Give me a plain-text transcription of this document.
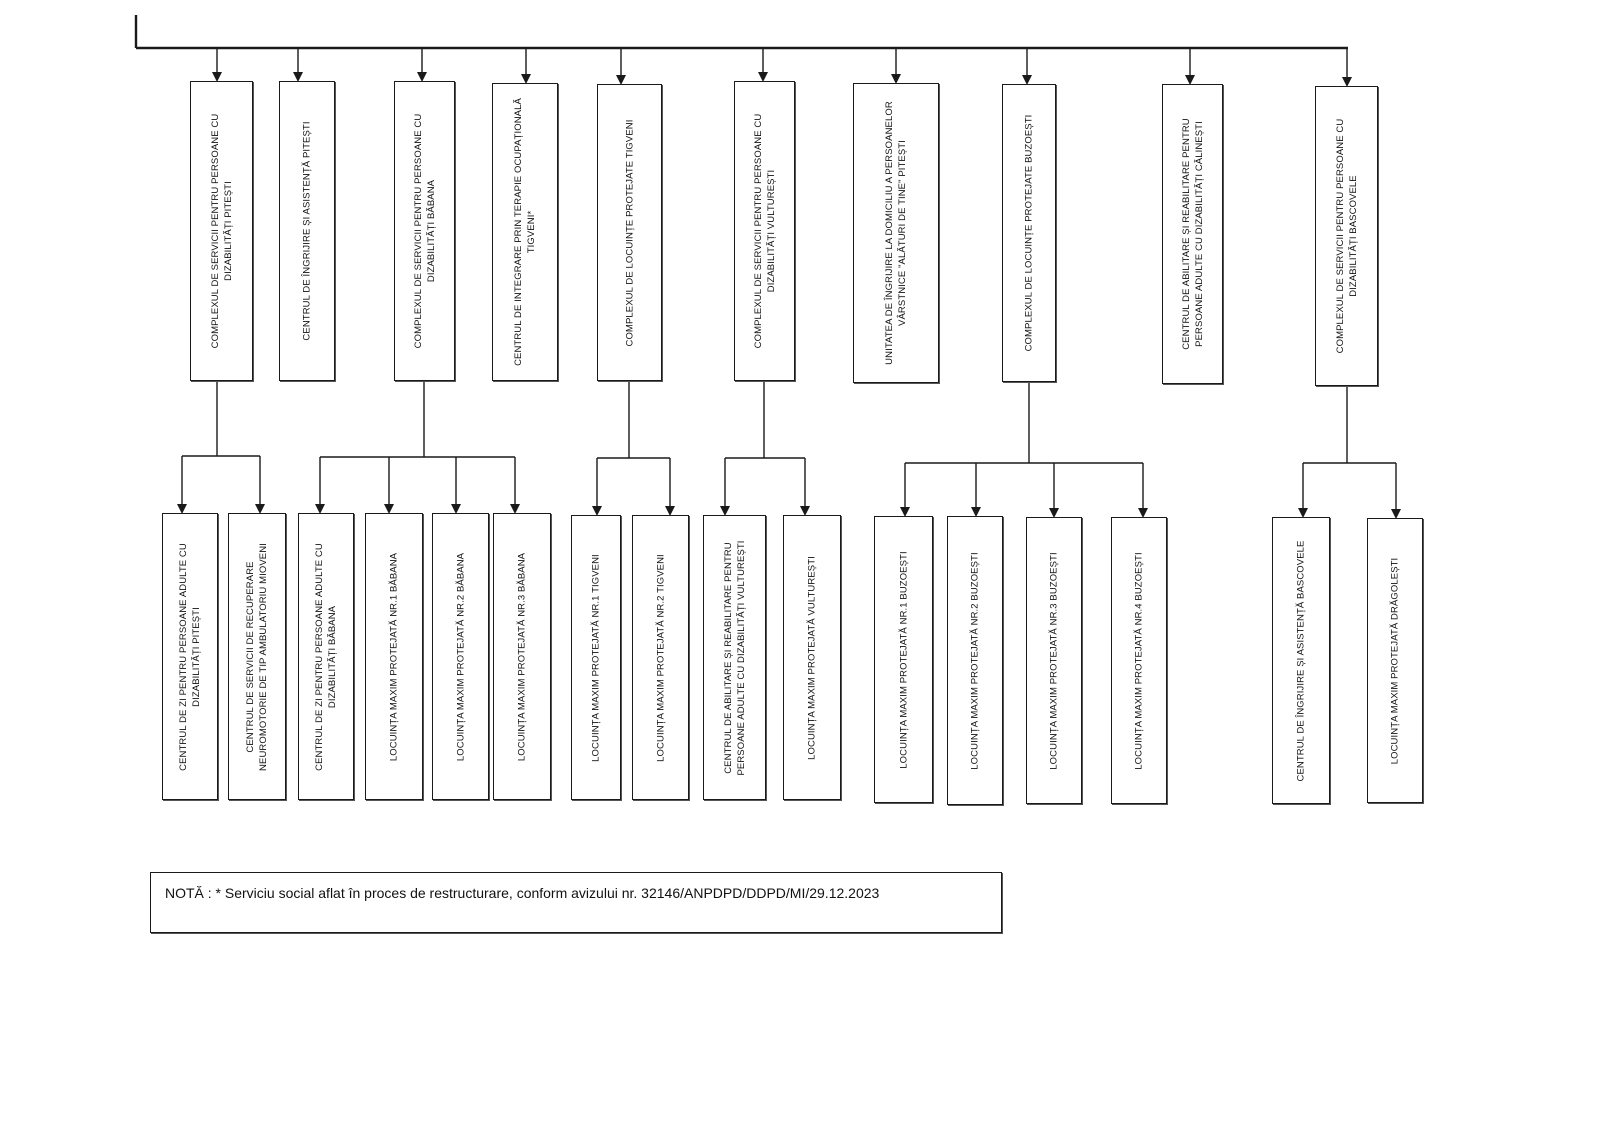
COMPLEXUL DE SERVICII PENTRU PERSOANE CU DIZABILITĂȚI PITEȘTI	CENTRUL DE ÎNGRIJIRE ȘI ASISTENȚĂ PITEȘTI	COMPLEXUL DE SERVICII PENTRU PERSOANE CU DIZABILITĂȚI BĂBANA	CENTRUL DE INTEGRARE PRIN TERAPIE OCUPAȚIONALĂ TIGVENI*	COMPLEXUL DE LOCUINȚE PROTEJATE TIGVENI	COMPLEXUL DE SERVICII PENTRU PERSOANE CU DIZABILITĂȚI VULTUREȘTI	UNITATEA DE ÎNGRIJIRE LA DOMICILIU A PERSOANELOR VÂRSTNICE "ALĂTURI DE TINE" PITEȘTI	COMPLEXUL DE LOCUINȚE PROTEJATE BUZOEȘTI	CENTRUL DE ABILITARE ȘI REABILITARE PENTRU PERSOANE ADULTE CU DIZABILITĂȚI CĂLINEȘTI	COMPLEXUL DE SERVICII PENTRU PERSOANE CU DIZABILITĂȚI BASCOVELE
CENTRUL DE ZI PENTRU PERSOANE ADULTE CU DIZABILITĂȚI PITEȘTI	CENTRUL DE SERVICII DE RECUPERARE NEUROMOTORIE DE TIP AMBULATORIU MIOVENI	CENTRUL DE ZI PENTRU PERSOANE ADULTE CU DIZABILITĂȚI BĂBANA	LOCUINȚA MAXIM PROTEJATĂ NR.1 BĂBANA	LOCUINȚA MAXIM PROTEJATĂ NR.2 BĂBANA	LOCUINȚA MAXIM PROTEJATĂ NR.3 BĂBANA	LOCUINȚA MAXIM PROTEJATĂ NR.1 TIGVENI	LOCUINȚA MAXIM PROTEJATĂ NR.2 TIGVENI	CENTRUL DE ABILITARE ȘI REABILITARE PENTRU PERSOANE ADULTE CU DIZABILITĂȚI VULTUREȘTI	LOCUINȚA MAXIM PROTEJATĂ VULTUREȘTI	LOCUINȚA MAXIM PROTEJATĂ NR.1 BUZOEȘTI	LOCUINȚA MAXIM PROTEJATĂ NR.2 BUZOEȘTI	LOCUINȚA MAXIM PROTEJATĂ NR.3 BUZOEȘTI	LOCUINȚA MAXIM PROTEJATĂ NR.4 BUZOEȘTI	CENTRUL DE ÎNGRIJIRE ȘI ASISTENȚĂ BASCOVELE	LOCUINȚA MAXIM PROTEJATĂ DRĂGOLEȘTI
NOTĂ : * Serviciu social aflat în proces de restructurare, conform avizului nr. 32146/ANPDPD/DDPD/MI/29.12.2023
